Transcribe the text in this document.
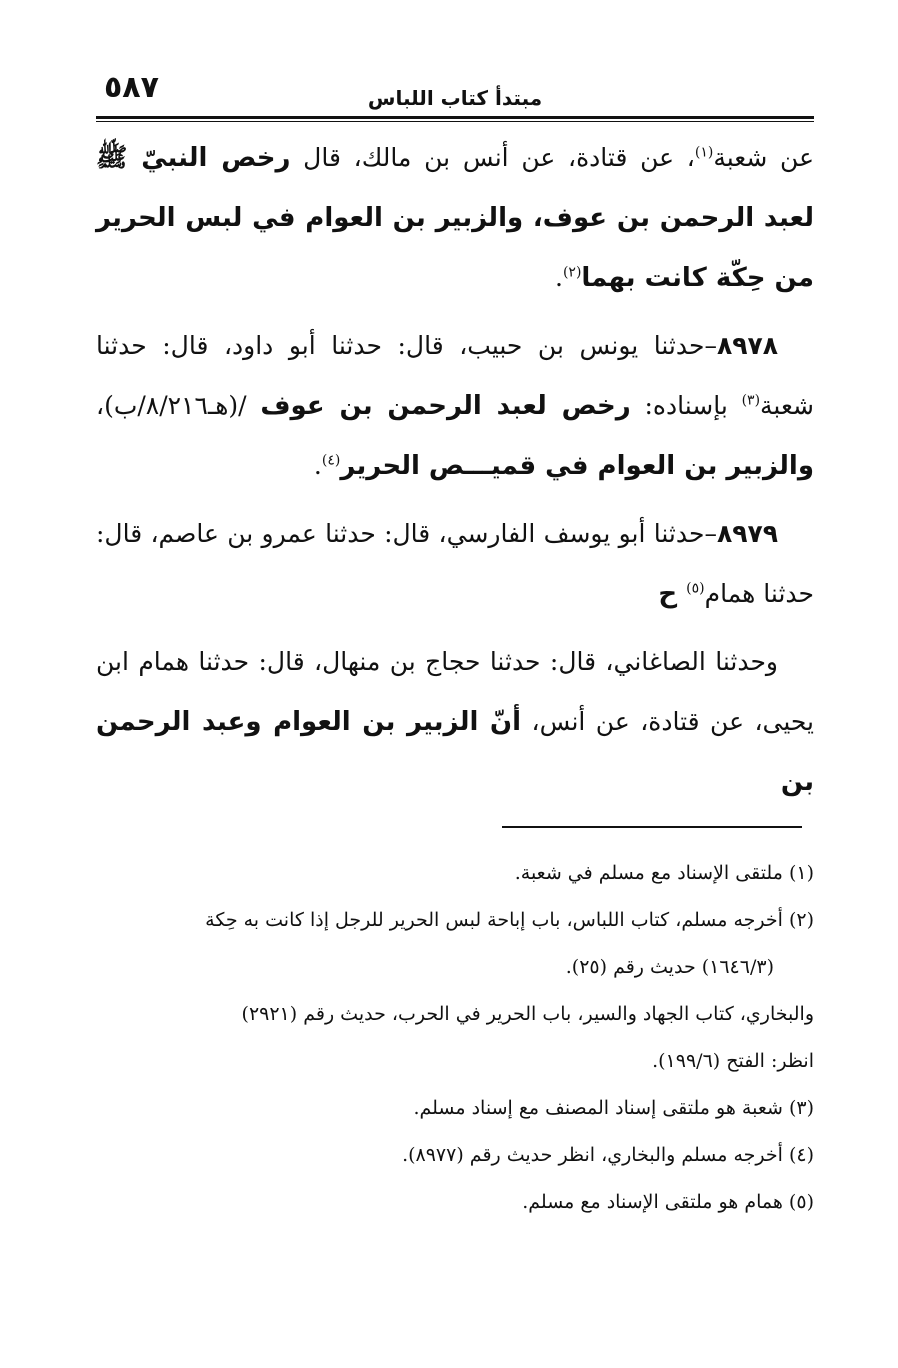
٥٨٧	مبتدأ كتاب اللباس

عن شعبة$^{(١)}$، عن قتادة، عن أنس بن مالك، قال رخص النبيّ ﷺ لعبد الرحمن بن عوف، والزبير بن العوام في لبس الحرير من حِكّة كانت بهما$^{(٢)}$.

٨٩٧٨–حدثنا يونس بن حبيب، قال: حدثنا أبو داود، قال: حدثنا شعبة$^{(٣)}$ بإسناده: رخص لعبد الرحمن بن عوف /(هـ٨/٢١٦/ب)، والزبير بن العوام في قميـــص الحرير$^{(٤)}$.

٨٩٧٩–حدثنا أبو يوسف الفارسي، قال: حدثنا عمرو بن عاصم، قال: حدثنا همام$^{(٥)}$ ح

وحدثنا الصاغاني، قال: حدثنا حجاج بن منهال، قال: حدثنا همام ابن يحيى، عن قتادة، عن أنس، أنّ الزبير بن العوام وعبد الرحمن بن

(١) ملتقى الإسناد مع مسلم في شعبة.

(٢) أخرجه مسلم، كتاب اللباس، باب إباحة لبس الحرير للرجل إذا كانت به حِكة

(١٦٤٦/٣) حديث رقم (٢٥).

والبخاري، كتاب الجهاد والسير، باب الحرير في الحرب، حديث رقم (٢٩٢١)

انظر: الفتح (١٩٩/٦).

(٣) شعبة هو ملتقى إسناد المصنف مع إسناد مسلم.

(٤) أخرجه مسلم والبخاري، انظر حديث رقم (٨٩٧٧).

(٥) همام هو ملتقى الإسناد مع مسلم.
